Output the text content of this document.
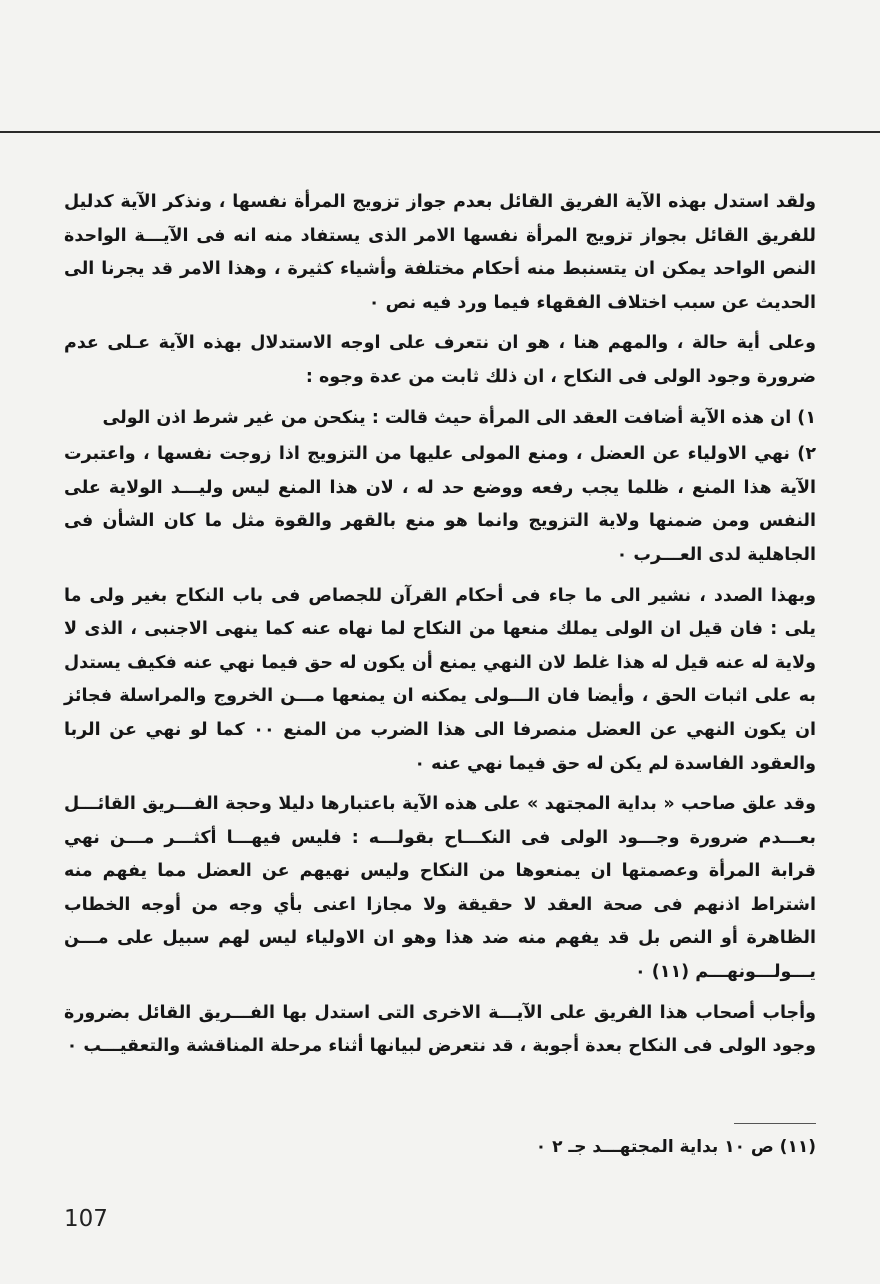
ولقد استدل بهذه الآية الفريق القائل بعدم جواز تزويج المرأة نفسها ، ونذكر الآية كدليل للفريق القائل بجواز تزويج المرأة نفسها الامر الذى يستفاد منه انه فى الآيـــة الواحدة النص الواحد يمكن ان يتسنبط منه أحكام مختلفة وأشياء كثيرة ، وهذا الامر قد يجرنا الى الحديث عن سبب اختلاف الفقهاء فيما ورد فيه نص ٠

وعلى أية حالة ، والمهم هنا ، هو ان نتعرف على اوجه الاستدلال بهذه الآية عـلى عدم ضرورة وجود الولى فى النكاح ، ان ذلك ثابت من عدة وجوه :

١) ان هذه الآية أضافت العقد الى المرأة حيث قالت : ينكحن من غير شرط اذن الولى

٢) نهي الاولياء عن العضل ، ومنع المولى عليها من التزويج اذا زوجت نفسها ، واعتبرت الآية هذا المنع ، ظلما يجب رفعه ووضع حد له ، لان هذا المنع ليس وليـــد الولاية على النفس ومن ضمنها ولاية التزويج وانما هو منع بالقهر والقوة مثل ما كان الشأن فى الجاهلية لدى العـــرب ٠

وبهذا الصدد ، نشير الى ما جاء فى أحكام القرآن للجصاص فى باب النكاح بغير ولى ما يلى : فان قيل ان الولى يملك منعها من النكاح لما نهاه عنه كما ينهى الاجنبى ، الذى لا ولاية له عنه قيل له هذا غلط لان النهي يمنع أن يكون له حق فيما نهي عنه فكيف يستدل به على اثبات الحق ، وأيضا فان الـــولى يمكنه ان يمنعها مـــن الخروج والمراسلة فجائز ان يكون النهي عن العضل منصرفا الى هذا الضرب من المنع ٠٠ كما لو نهي عن الربا والعقود الفاسدة لم يكن له حق فيما نهي عنه ٠

وقد علق صاحب « بداية المجتهد » على هذه الآية باعتبارها دليلا وحجة الفـــريق القائـــل بعـــدم ضرورة وجـــود الولى فى النكـــاح بقولـــه : فليس فيهـــا أكثـــر مـــن نهي قرابة المرأة وعصمتها ان يمنعوها من النكاح وليس نهيهم عن العضل مما يفهم منه اشتراط اذنهم فى صحة العقد لا حقيقة ولا مجازا اعنى بأي وجه من أوجه الخطاب الظاهرة أو النص بل قد يفهم منه ضد هذا وهو ان الاولياء ليس لهم سبيل على مـــن يـــولـــونهـــم (١١) ٠

وأجاب أصحاب هذا الفريق على الآيـــة الاخرى التى استدل بها الفـــريق القائل بضرورة وجود الولى فى النكاح بعدة أجوبة ، قد نتعرض لبيانها أثناء مرحلة المناقشة والتعقيـــب ٠

(١١) ص ١٠ بداية المجتهـــد جـ ٢ ٠
107
